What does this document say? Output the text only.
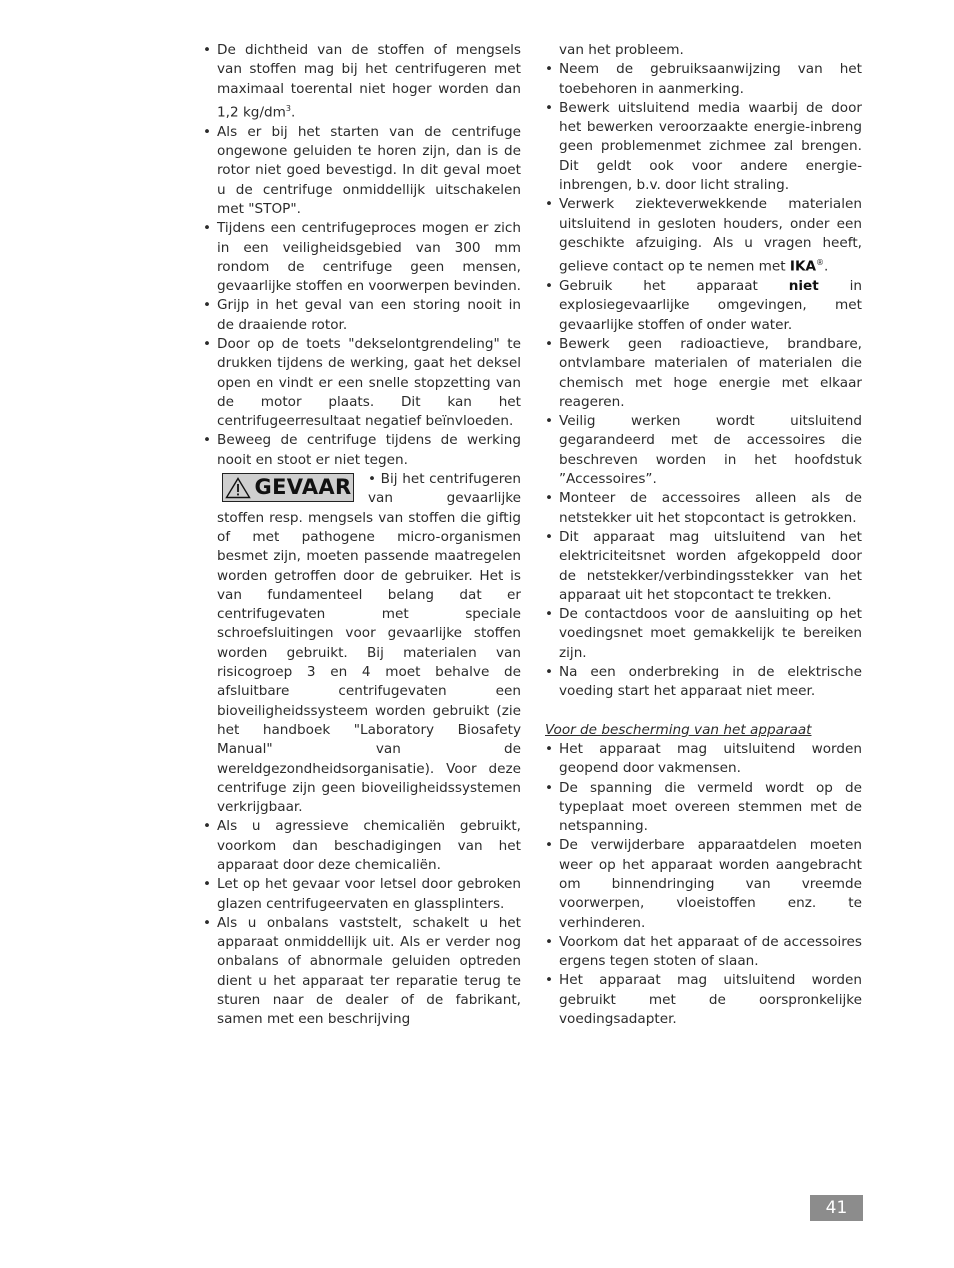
• De dichtheid van de stoffen of mengsels van stoffen mag bij het centrifugeren met maximaal toerental niet hoger worden dan 1,2 $kg/dm^3$.
• Als er bij het starten van de centrifuge ongewone geluiden te horen zijn, dan is de rotor niet goed bevestigd. In dit geval moet u de centrifuge onmiddellijk uitschakelen met "STOP".
• Tijdens een centrifugeproces mogen er zich in een veiligheidsgebied van 300 mm rondom de centrifuge geen mensen, gevaarlijke stoffen en voorwerpen bevinden.
• Grijp in het geval van een storing nooit in de draaiende rotor.
• Door op de toets "dekselontgrendeling" te drukken tijdens de werking, gaat het deksel open en vindt er een snelle stopzetting van de motor plaats. Dit kan het centrifugeerresultaat negatief beïnvloeden.
• Beweeg de centrifuge tijdens de werking nooit en stoot er niet tegen.
GEVAAR	• Bij het centrifugeren van gevaarlijke stoffen resp. mengsels van stoffen die giftig of met pathogene micro-organismen besmet zijn, moeten passende maatregelen worden getroffen door de gebruiker. Het is van fundamenteel belang dat er centrifugevaten met speciale schroefsluitingen voor gevaarlijke stoffen worden gebruikt. Bij materialen van risicogroep 3 en 4 moet behalve de afsluitbare centrifugevaten een bioveiligheidssysteem worden gebruikt (zie het handboek "Laboratory Biosafety Manual" van de wereldgezondheidsorganisatie). Voor deze centrifuge zijn geen bioveiligheidssystemen verkrijgbaar.
• Als u agressieve chemicaliën gebruikt, voorkom dan beschadigingen van het apparaat door deze chemicaliën.
• Let op het gevaar voor letsel door gebroken glazen centrifugeervaten en glassplinters.
• Als u onbalans vaststelt, schakelt u het apparaat onmiddellijk uit. Als er verder nog onbalans of abnormale geluiden optreden dient u het apparaat ter reparatie terug te sturen naar de dealer of de fabrikant, samen met een beschrijving
van het probleem.
• Neem de gebruiksaanwijzing van het toebehoren in aanmerking.
• Bewerk uitsluitend media waarbij de door het bewerken veroorzaakte energie-inbreng geen problemenmet zichmee zal brengen. Dit geldt ook voor andere energie-inbrengen, b.v. door licht straling.
• Verwerk ziekteverwekkende materialen uitsluitend in gesloten houders, onder een geschikte afzuiging. Als u vragen heeft, gelieve contact op te nemen met IKA®.
• Gebruik het apparaat niet in explosiegevaarlijke omgevingen, met gevaarlijke stoffen of onder water.
• Bewerk geen radioactieve, brandbare, ontvlambare materialen of materialen die chemisch met hoge energie met elkaar reageren.
• Veilig werken wordt uitsluitend gegarandeerd met de accessoires die beschreven worden in het hoofdstuk ”Accessoires”.
• Monteer de accessoires alleen als de netstekker uit het stopcontact is getrokken.
• Dit apparaat mag uitsluitend van het elektriciteitsnet worden afgekoppeld door de netstekker/verbindingsstekker van het apparaat uit het stopcontact te trekken.
• De contactdoos voor de aansluiting op het voedingsnet moet gemakkelijk te bereiken zijn.
• Na een onderbreking in de elektrische voeding start het apparaat niet meer.
Voor de bescherming van het apparaat
• Het apparaat mag uitsluitend worden geopend door vakmensen.
• De spanning die vermeld wordt op de typeplaat moet overeen stemmen met de netspanning.
• De verwijderbare apparaatdelen moeten weer op het apparaat worden aangebracht om binnendringing van vreemde voorwerpen, vloeistoffen enz. te verhinderen.
• Voorkom dat het apparaat of de accessoires ergens tegen stoten of slaan.
• Het apparaat mag uitsluitend worden gebruikt met de oorspronkelijke voedingsadapter.
41
